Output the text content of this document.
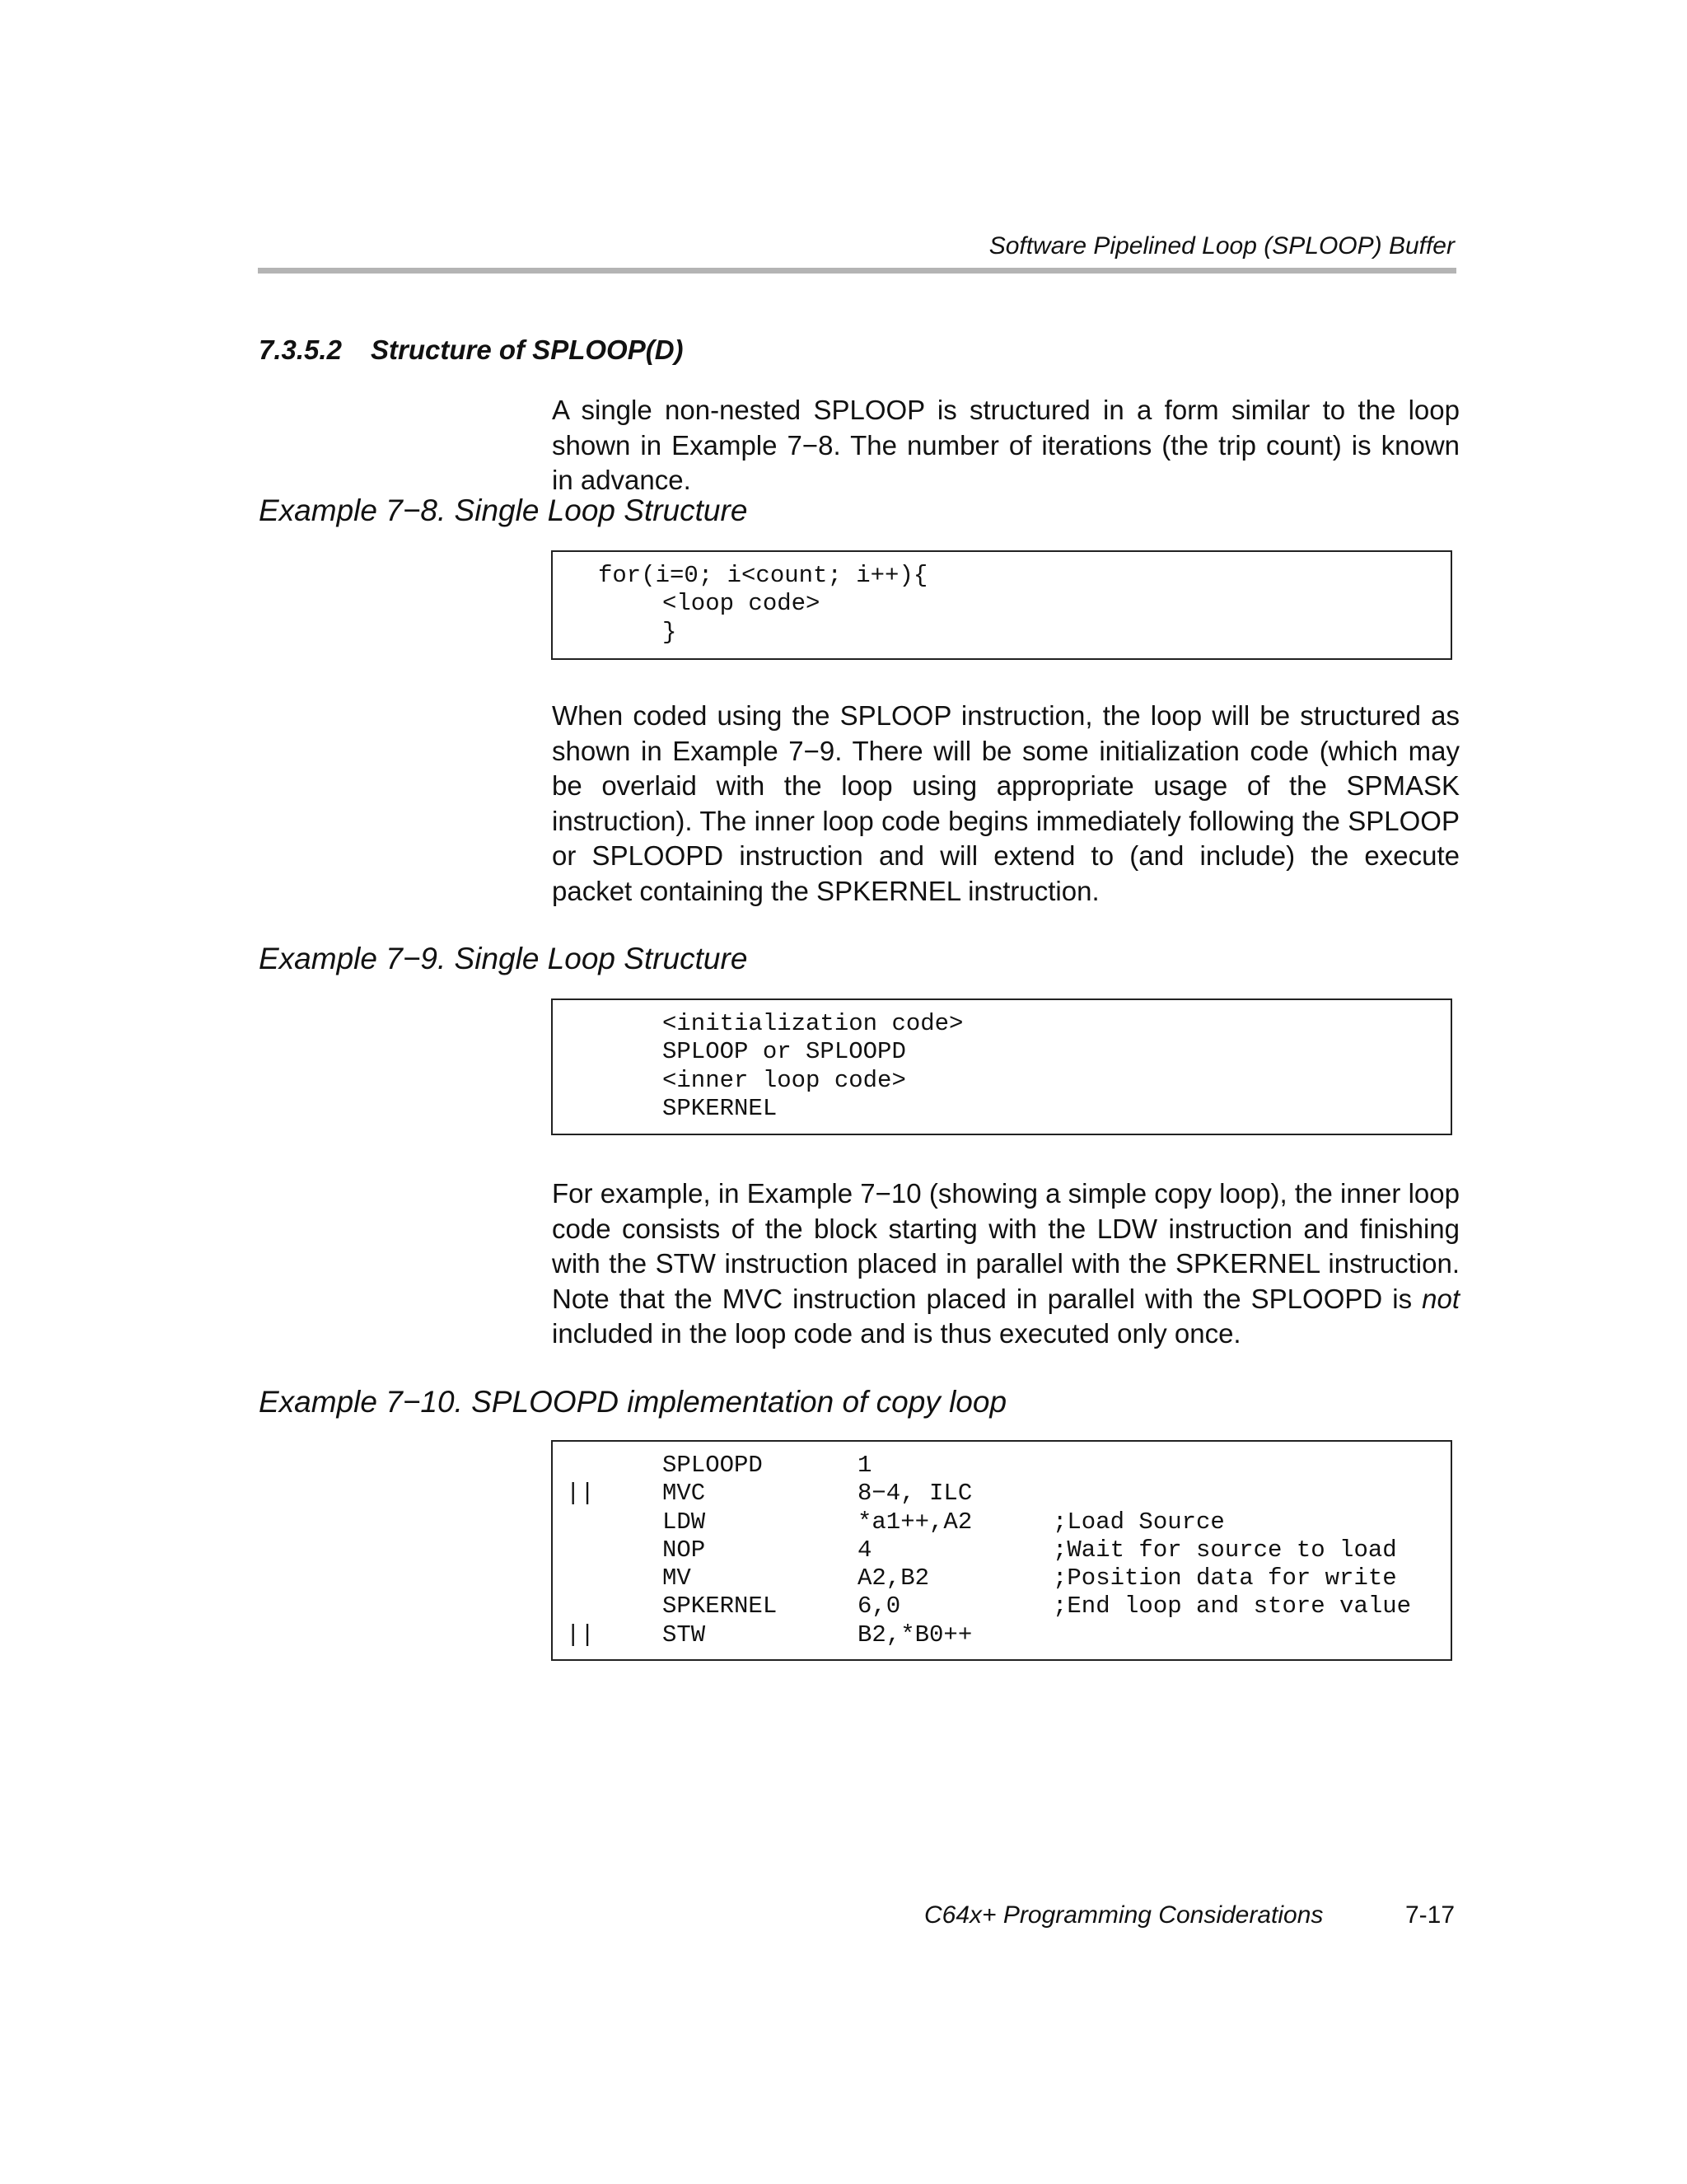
Software Pipelined Loop (SPLOOP) Buffer
7.3.5.2 Structure of SPLOOP(D)
A single non-nested SPLOOP is structured in a form similar to the loop shown in Example 7−8. The number of iterations (the trip count) is known in advance.
Example 7−8. Single Loop Structure
for(i=0; i<count; i++){
<loop code>
}
When coded using the SPLOOP instruction, the loop will be structured as shown in Example 7−9. There will be some initialization code (which may be overlaid with the loop using appropriate usage of the SPMASK instruction). The inner loop code begins immediately following the SPLOOP or SPLOOPD instruction and will extend to (and include) the execute packet containing the SPKERNEL instruction.
Example 7−9. Single Loop Structure
<initialization code>
SPLOOP or SPLOOPD
<inner loop code>
SPKERNEL
For example, in Example 7−10 (showing a simple copy loop), the inner loop code consists of the block starting with the LDW instruction and finishing with the STW instruction placed in parallel with the SPKERNEL instruction. Note that the MVC instruction placed in parallel with the SPLOOPD is not included in the loop code and is thus executed only once.
Example 7−10. SPLOOPD implementation of copy loop

SPLOOPD	1

||	MVC	8−4, ILC

LDW	*a1++,A2	;Load Source

NOP	4	;Wait for source to load

MV	A2,B2	;Position data for write

SPKERNEL	6,0	;End loop and store value

||	STW	B2,*B0++

C64x+ Programming Considerations	7-17
